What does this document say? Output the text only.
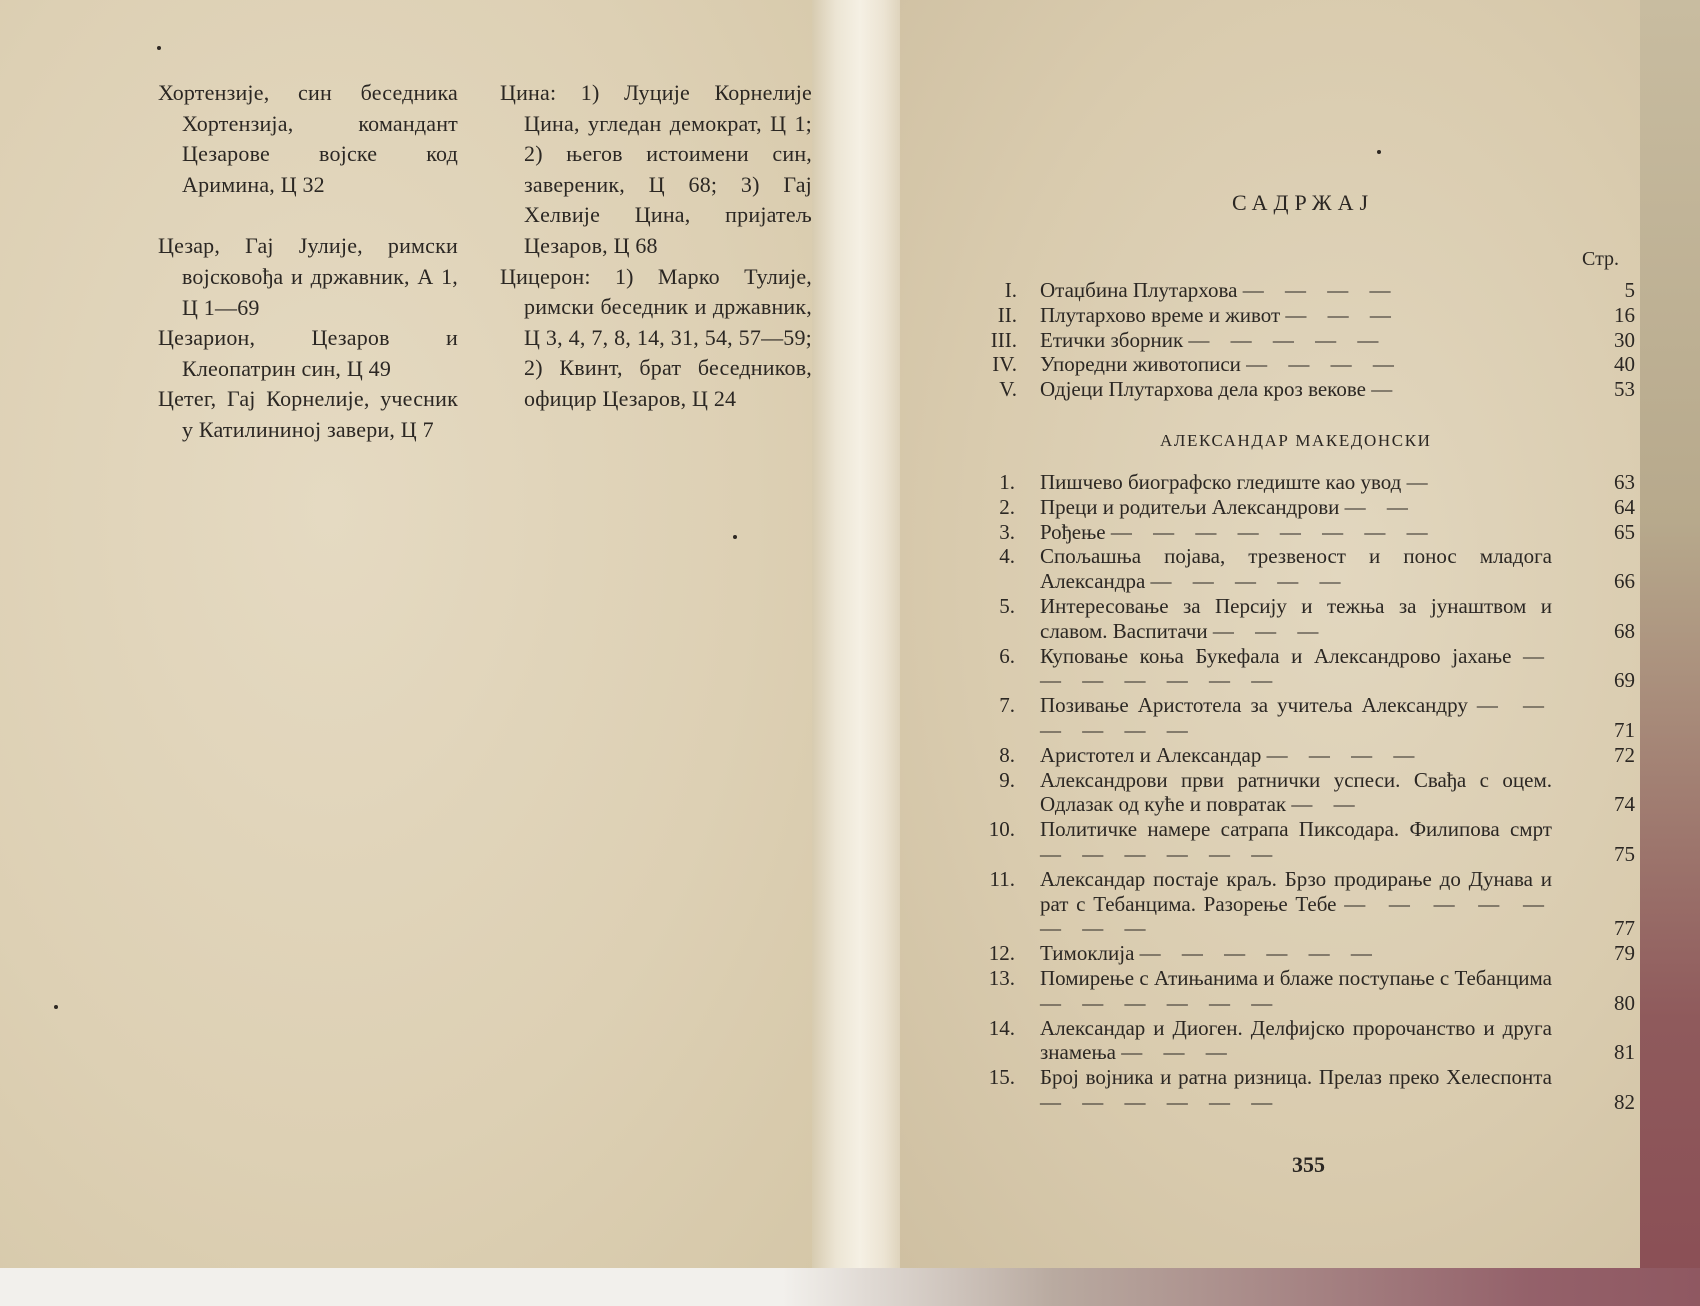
Хортензије, син беседника Хортензија, командант Цезарове војске код Аримина, Ц 32

Цезар, Гај Јулије, римски војсковођа и државник, А 1, Ц 1—69

Цезарион, Цезаров и Клеопатрин син, Ц 49

Цетег, Гај Корнелије, учесник у Катилининој завери, Ц 7

Цина: 1) Луције Корнелије Цина, угледан демократ, Ц 1; 2) његов истоимени син, завереник, Ц 68; 3) Гај Хелвије Цина, пријатељ Цезаров, Ц 68

Цицерон: 1) Марко Тулије, римски беседник и државник, Ц 3, 4, 7, 8, 14, 31, 54, 57—59; 2) Квинт, брат беседников, официр Цезаров, Ц 24

САДРЖАЈ
Стр.
I. Отаџбина Плутархова — — — —	5
II. Плутархово време и живот — — —	16
III. Етички зборник — — — — —	30
IV. Упоредни животописи — — — —	40
V. Одјеци Плутархова дела кроз векове —	53
АЛЕКСАНДАР МАКЕДОНСКИ
1. Пишчево биографско гледиште као увод —	63
2. Преци и родитељи Александрови — —	64
3. Рођење — — — — — — — —	65
4. Спољашња појава, трезвеност и понос младога Александра — — — — —	66
5. Интересовање за Персију и тежња за јунаштвом и славом. Васпитачи — — —	68
6. Куповање коња Букефала и Александрово јахање — — — — — — —	69
7. Позивање Аристотела за учитеља Александру — — — — — —	71
8. Аристотел и Александар — — — —	72
9. Александрови први ратнички успеси. Свађа с оцем. Одлазак од куће и повратак — —	74
10. Политичке намере сатрапа Пиксодара. Филипова смрт — — — — — —	75
11. Александар постаје краљ. Брзо продирање до Дунава и рат с Тебанцима. Разорење Тебе — — — — — — — —	77
12. Тимоклија — — — — — —	79
13. Помирење с Атињанима и блаже поступање с Тебанцима — — — — — —	80
14. Александар и Диоген. Делфијско пророчанство и друга знамења — — —	81
15. Број војника и ратна ризница. Прелаз преко Хелеспонта — — — — — —	82
355
